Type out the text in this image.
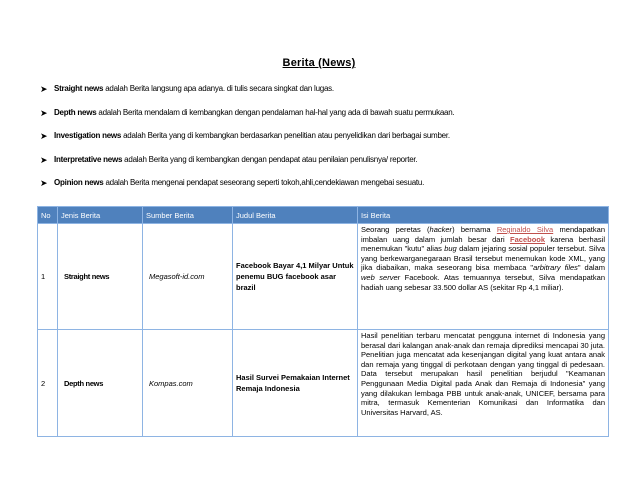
Berita (News)
➤ Straight news adalah Berita langsung apa adanya. di tulis secara singkat dan lugas.
➤ Depth news adalah Berita mendalam di kembangkan dengan pendalaman hal-hal yang ada di bawah suatu permukaan.
➤ Investigation news adalah Berita yang di kembangkan berdasarkan penelitian atau penyelidikan dari berbagai sumber.
➤ Interpretative news adalah Berita yang di kembangkan dengan pendapat atau penilaian penulisnya/ reporter.
➤ Opinion news adalah Berita mengenai pendapat seseorang seperti tokoh,ahli,cendekiawan mengebai sesuatu.
No	Jenis Berita	Sumber Berita	Judul Berita	Isi Berita
1	Straight news	Megasoft-id.com	Facebook Bayar 4,1 Milyar Untuk penemu BUG facebook asar brazil	Seorang peretas (hacker) bernama Reginaldo Silva mendapatkan imbalan uang dalam jumlah besar dari Facebook karena berhasil menemukan "kutu" alias bug dalam jejaring sosial populer tersebut. Silva yang berkewarganegaraan Brasil tersebut menemukan kode XML, yang jika diabaikan, maka seseorang bisa membaca "arbitrary files" dalam web server Facebook. Atas temuannya tersebut, Silva mendapatkan hadiah uang sebesar 33.500 dollar AS (sekitar Rp 4,1 miliar).
2	Depth news	Kompas.com	Hasil Survei Pemakaian Internet Remaja Indonesia	Hasil penelitian terbaru mencatat pengguna internet di Indonesia yang berasal dari kalangan anak-anak dan remaja diprediksi mencapai 30 juta. Penelitian juga mencatat ada kesenjangan digital yang kuat antara anak dan remaja yang tinggal di perkotaan dengan yang tinggal di pedesaan. Data tersebut merupakan hasil penelitian berjudul "Keamanan Penggunaan Media Digital pada Anak dan Remaja di Indonesia" yang yang dilakukan lembaga PBB untuk anak-anak, UNICEF, bersama para mitra, termasuk Kementerian Komunikasi dan Informatika dan Universitas Harvard, AS.
